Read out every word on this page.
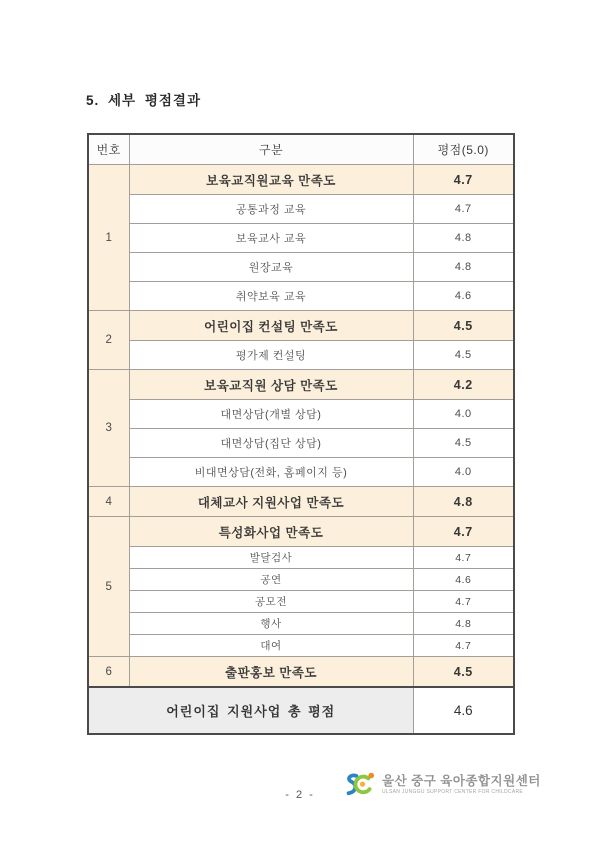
5. 세부 평점결과
번호	구분	평점(5.0)
1	보육교직원교육 만족도	4.7
	공통과정 교육	4.7
	보육교사 교육	4.8
	원장교육	4.8
	취약보육 교육	4.6
2	어린이집 컨설팅 만족도	4.5
	평가제 컨설팅	4.5
3	보육교직원 상담 만족도	4.2
	대면상담(개별 상담)	4.0
	대면상담(집단 상담)	4.5
	비대면상담(전화, 홈페이지 등)	4.0
4	대체교사 지원사업 만족도	4.8
5	특성화사업 만족도	4.7
	발달검사	4.7
	공연	4.6
	공모전	4.7
	행사	4.8
	대여	4.7
6	출판홍보 만족도	4.5
어린이집 지원사업 총 평점		4.6
- 2 -
울산 중구 육아종합지원센터
ULSAN JUNGGU SUPPORT CENTER FOR CHILDCARE
